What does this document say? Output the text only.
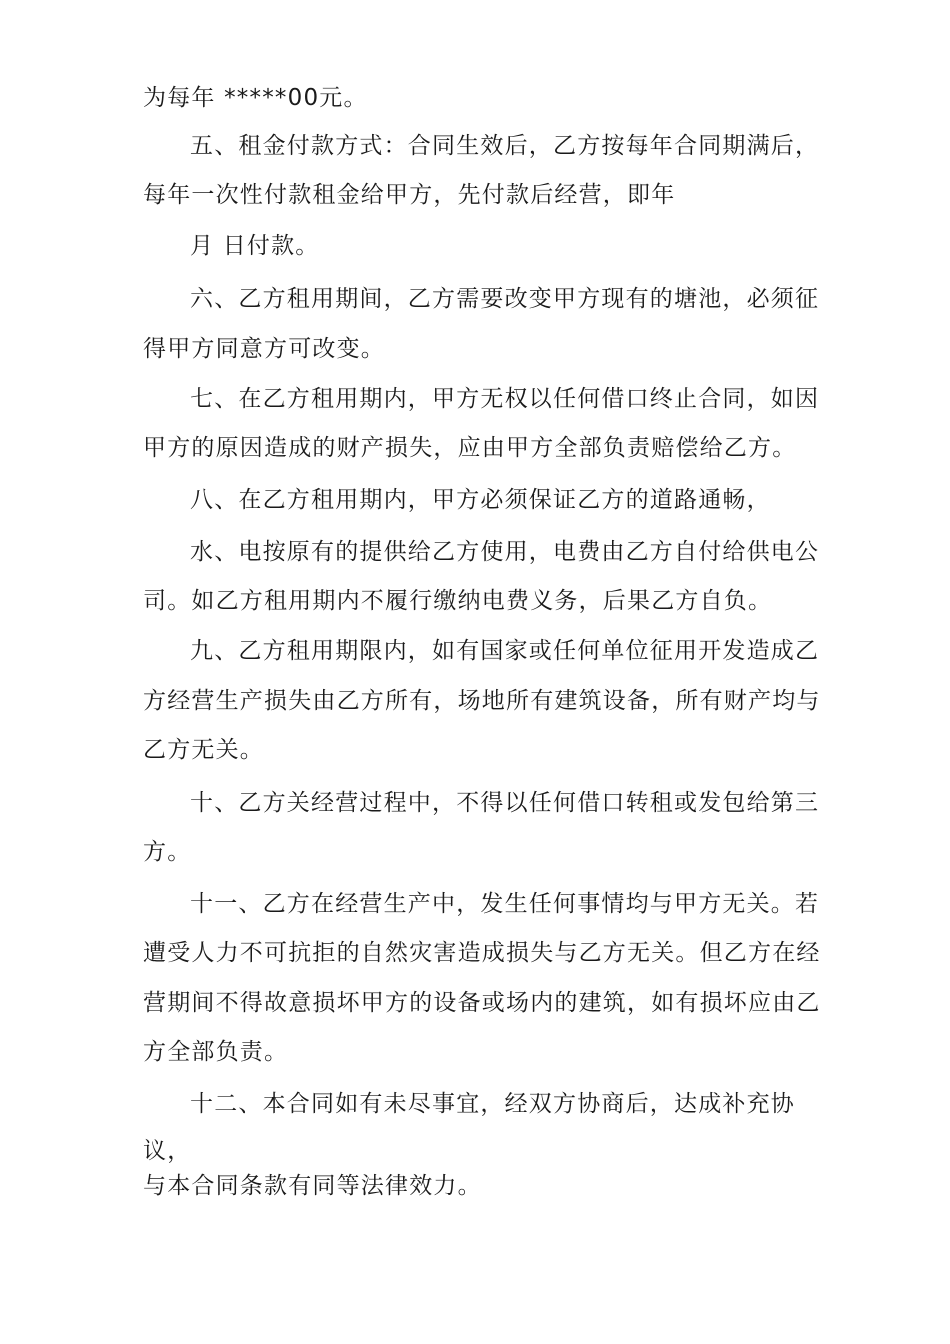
为每年 *****00元。
五、租金付款方式：合同生效后，乙方按每年合同期满后，
每年一次性付款租金给甲方，先付款后经营，即年
月 日付款。
六、乙方租用期间，乙方需要改变甲方现有的塘池，必须征
得甲方同意方可改变。
七、在乙方租用期内，甲方无权以任何借口终止合同，如因
甲方的原因造成的财产损失，应由甲方全部负责赔偿给乙方。
八、在乙方租用期内，甲方必须保证乙方的道路通畅，
水、电按原有的提供给乙方使用，电费由乙方自付给供电公
司。如乙方租用期内不履行缴纳电费义务，后果乙方自负。
九、乙方租用期限内，如有国家或任何单位征用开发造成乙
方经营生产损失由乙方所有，场地所有建筑设备，所有财产均与
乙方无关。
十、乙方关经营过程中，不得以任何借口转租或发包给第三
方。
十一、乙方在经营生产中，发生任何事情均与甲方无关。若
遭受人力不可抗拒的自然灾害造成损失与乙方无关。但乙方在经
营期间不得故意损坏甲方的设备或场内的建筑，如有损坏应由乙
方全部负责。
十二、本合同如有未尽事宜，经双方协商后，达成补充协
议，
与本合同条款有同等法律效力。
